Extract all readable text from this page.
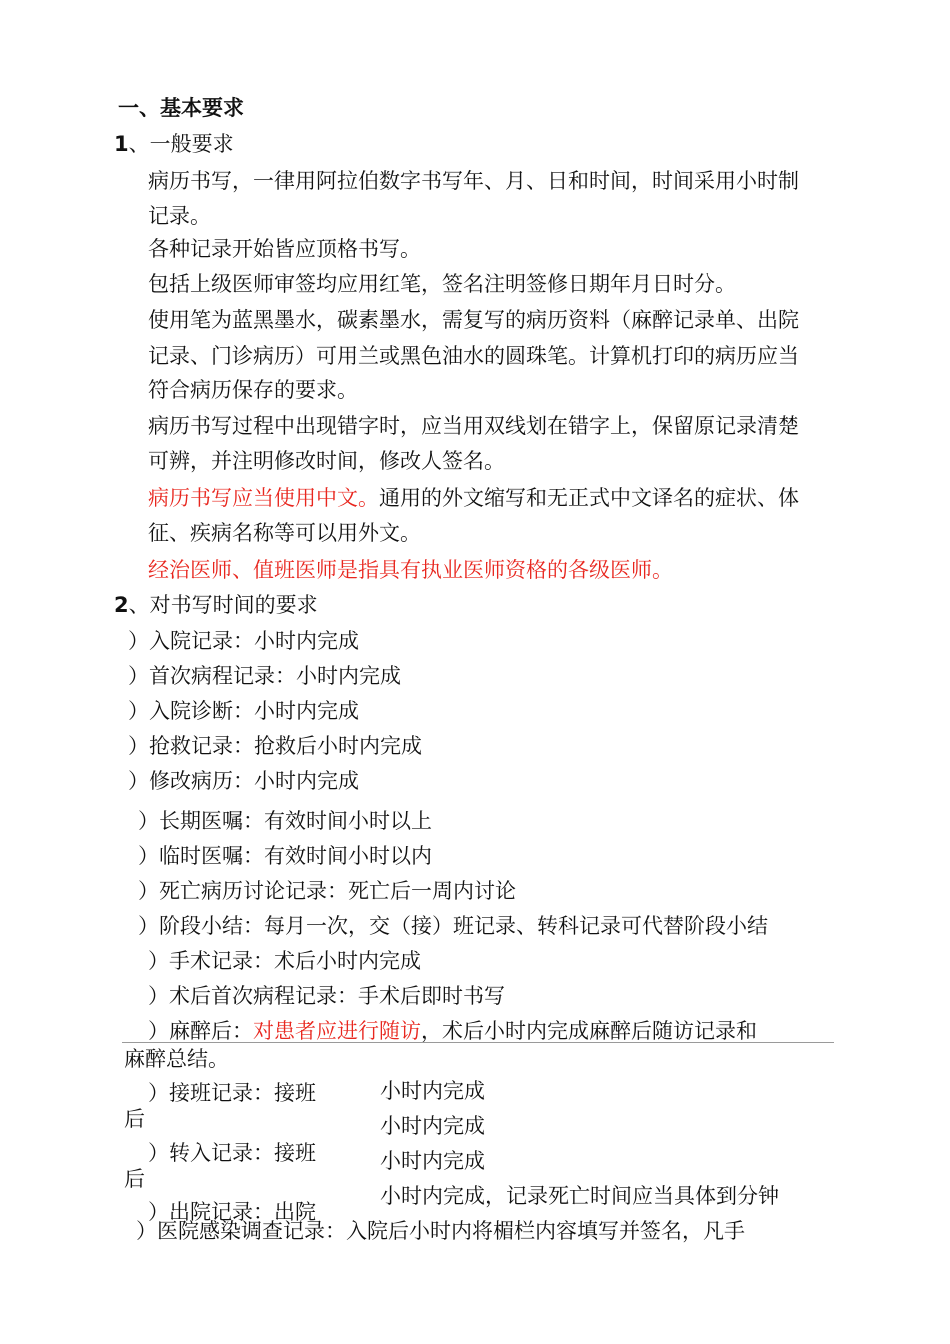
一、基本要求
1、一般要求
病历书写，一律用阿拉伯数字书写年、月、日和时间，时间采用小时制
记录。
各种记录开始皆应顶格书写。
包括上级医师审签均应用红笔，签名注明签修日期年月日时分。
使用笔为蓝黑墨水，碳素墨水，需复写的病历资料（麻醉记录单、出院
记录、门诊病历）可用兰或黑色油水的圆珠笔。计算机打印的病历应当
符合病历保存的要求。
病历书写过程中出现错字时，应当用双线划在错字上，保留原记录清楚
可辨，并注明修改时间，修改人签名。
病历书写应当使用中文。通用的外文缩写和无正式中文译名的症状、体
征、疾病名称等可以用外文。
经治医师、值班医师是指具有执业医师资格的各级医师。
2、对书写时间的要求
）入院记录：小时内完成
）首次病程记录：小时内完成
）入院诊断：小时内完成
）抢救记录：抢救后小时内完成
）修改病历：小时内完成
）长期医嘱：有效时间小时以上
）临时医嘱：有效时间小时以内
）死亡病历讨论记录：死亡后一周内讨论
）阶段小结：每月一次，交（接）班记录、转科记录可代替阶段小结
）手术记录：术后小时内完成
）术后首次病程记录：手术后即时书写
）麻醉后：对患者应进行随访，术后小时内完成麻醉后随访记录和
麻醉总结。
）接班记录：接班
后
）转入记录：接班
后
）出院记录：出院
小时内完成
小时内完成
小时内完成
小时内完成，记录死亡时间应当具体到分钟
）医院感染调查记录：入院后小时内将楣栏内容填写并签名，凡手
